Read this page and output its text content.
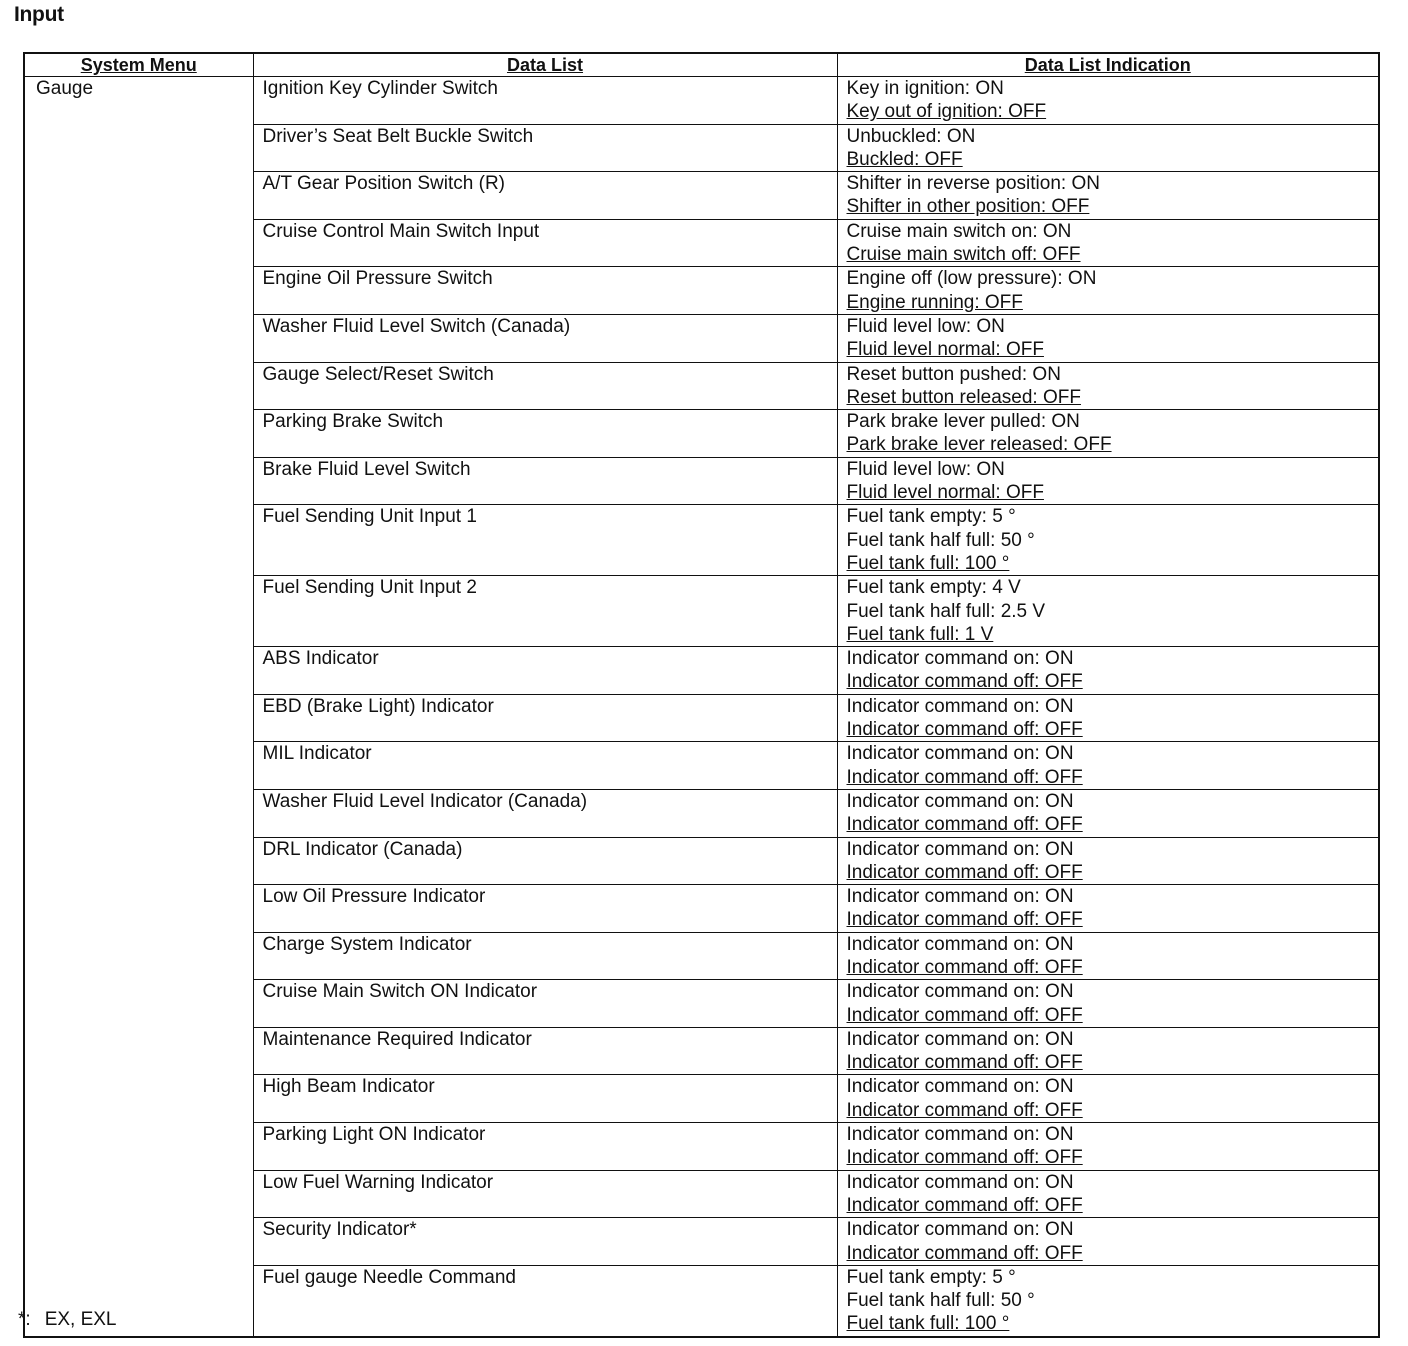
Input
System Menu	Data List	Data List Indication
Gauge	Ignition Key Cylinder Switch	Key in ignition: ON
Key out of ignition: OFF

	Driver’s Seat Belt Buckle Switch	Unbuckled: ON
Buckled: OFF

	A/T Gear Position Switch (R)	Shifter in reverse position: ON
Shifter in other position: OFF

	Cruise Control Main Switch Input	Cruise main switch on: ON
Cruise main switch off: OFF

	Engine Oil Pressure Switch	Engine off (low pressure): ON
Engine running: OFF

	Washer Fluid Level Switch (Canada)	Fluid level low: ON
Fluid level normal: OFF

	Gauge Select/Reset Switch	Reset button pushed: ON
Reset button released: OFF

	Parking Brake Switch	Park brake lever pulled: ON
Park brake lever released: OFF

	Brake Fluid Level Switch	Fluid level low: ON
Fluid level normal: OFF

	Fuel Sending Unit Input 1	Fuel tank empty: 5 °
Fuel tank half full: 50 °
Fuel tank full: 100 °

	Fuel Sending Unit Input 2	Fuel tank empty: 4 V
Fuel tank half full: 2.5 V
Fuel tank full: 1 V

	ABS Indicator	Indicator command on: ON
Indicator command off: OFF

	EBD (Brake Light) Indicator	Indicator command on: ON
Indicator command off: OFF

	MIL Indicator	Indicator command on: ON
Indicator command off: OFF

	Washer Fluid Level Indicator (Canada)	Indicator command on: ON
Indicator command off: OFF

	DRL Indicator (Canada)	Indicator command on: ON
Indicator command off: OFF

	Low Oil Pressure Indicator	Indicator command on: ON
Indicator command off: OFF

	Charge System Indicator	Indicator command on: ON
Indicator command off: OFF

	Cruise Main Switch ON Indicator	Indicator command on: ON
Indicator command off: OFF

	Maintenance Required Indicator	Indicator command on: ON
Indicator command off: OFF

	High Beam Indicator	Indicator command on: ON
Indicator command off: OFF

	Parking Light ON Indicator	Indicator command on: ON
Indicator command off: OFF

	Low Fuel Warning Indicator	Indicator command on: ON
Indicator command off: OFF

	Security Indicator*	Indicator command on: ON
Indicator command off: OFF

	Fuel gauge Needle Command	Fuel tank empty: 5 °
Fuel tank half full: 50 °
Fuel tank full: 100 °
*: EX, EXL
